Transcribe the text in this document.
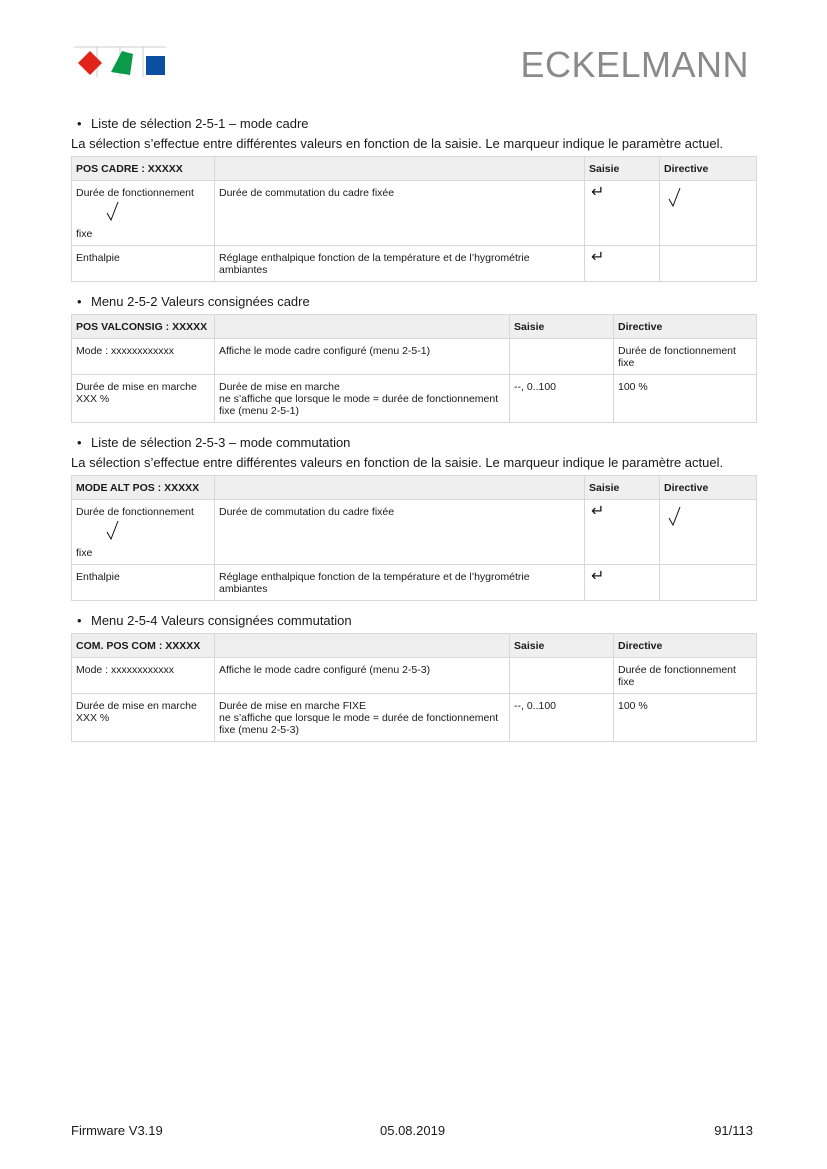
ECKELMANN
• Liste de sélection 2-5-1 – mode cadre
La sélection s’effectue entre différentes valeurs en fonction de la saisie. Le marqueur indique le paramètre actuel.
POS CADRE : XXXXX		Saisie	Directive
Durée de fonctionnement
fixe	Durée de commutation du cadre fixée	↵	
Enthalpie	Réglage enthalpique fonction de la température et de l’hygrométrie ambiantes	↵	
• Menu 2-5-2 Valeurs consignées cadre
POS VALCONSIG : XXXXX		Saisie	Directive
Mode : xxxxxxxxxxxx	Affiche le mode cadre configuré (menu 2-5-1)		Durée de fonctionnement fixe
Durée de mise en marche XXX %	Durée de mise en marche
ne s’affiche que lorsque le mode = durée de fonctionnement fixe (menu 2-5-1)	--, 0..100	100 %
• Liste de sélection 2-5-3 – mode commutation
La sélection s’effectue entre différentes valeurs en fonction de la saisie. Le marqueur indique le paramètre actuel.
MODE ALT POS : XXXXX		Saisie	Directive
Durée de fonctionnement
fixe	Durée de commutation du cadre fixée	↵	
Enthalpie	Réglage enthalpique fonction de la température et de l’hygrométrie ambiantes	↵	
• Menu 2-5-4 Valeurs consignées commutation
COM. POS COM : XXXXX		Saisie	Directive
Mode : xxxxxxxxxxxx	Affiche le mode cadre configuré (menu 2-5-3)		Durée de fonctionnement fixe
Durée de mise en marche XXX %	Durée de mise en marche FIXE
ne s’affiche que lorsque le mode = durée de fonctionnement fixe (menu 2-5-3)	--, 0..100	100 %
Firmware V3.19	05.08.2019	91/113
